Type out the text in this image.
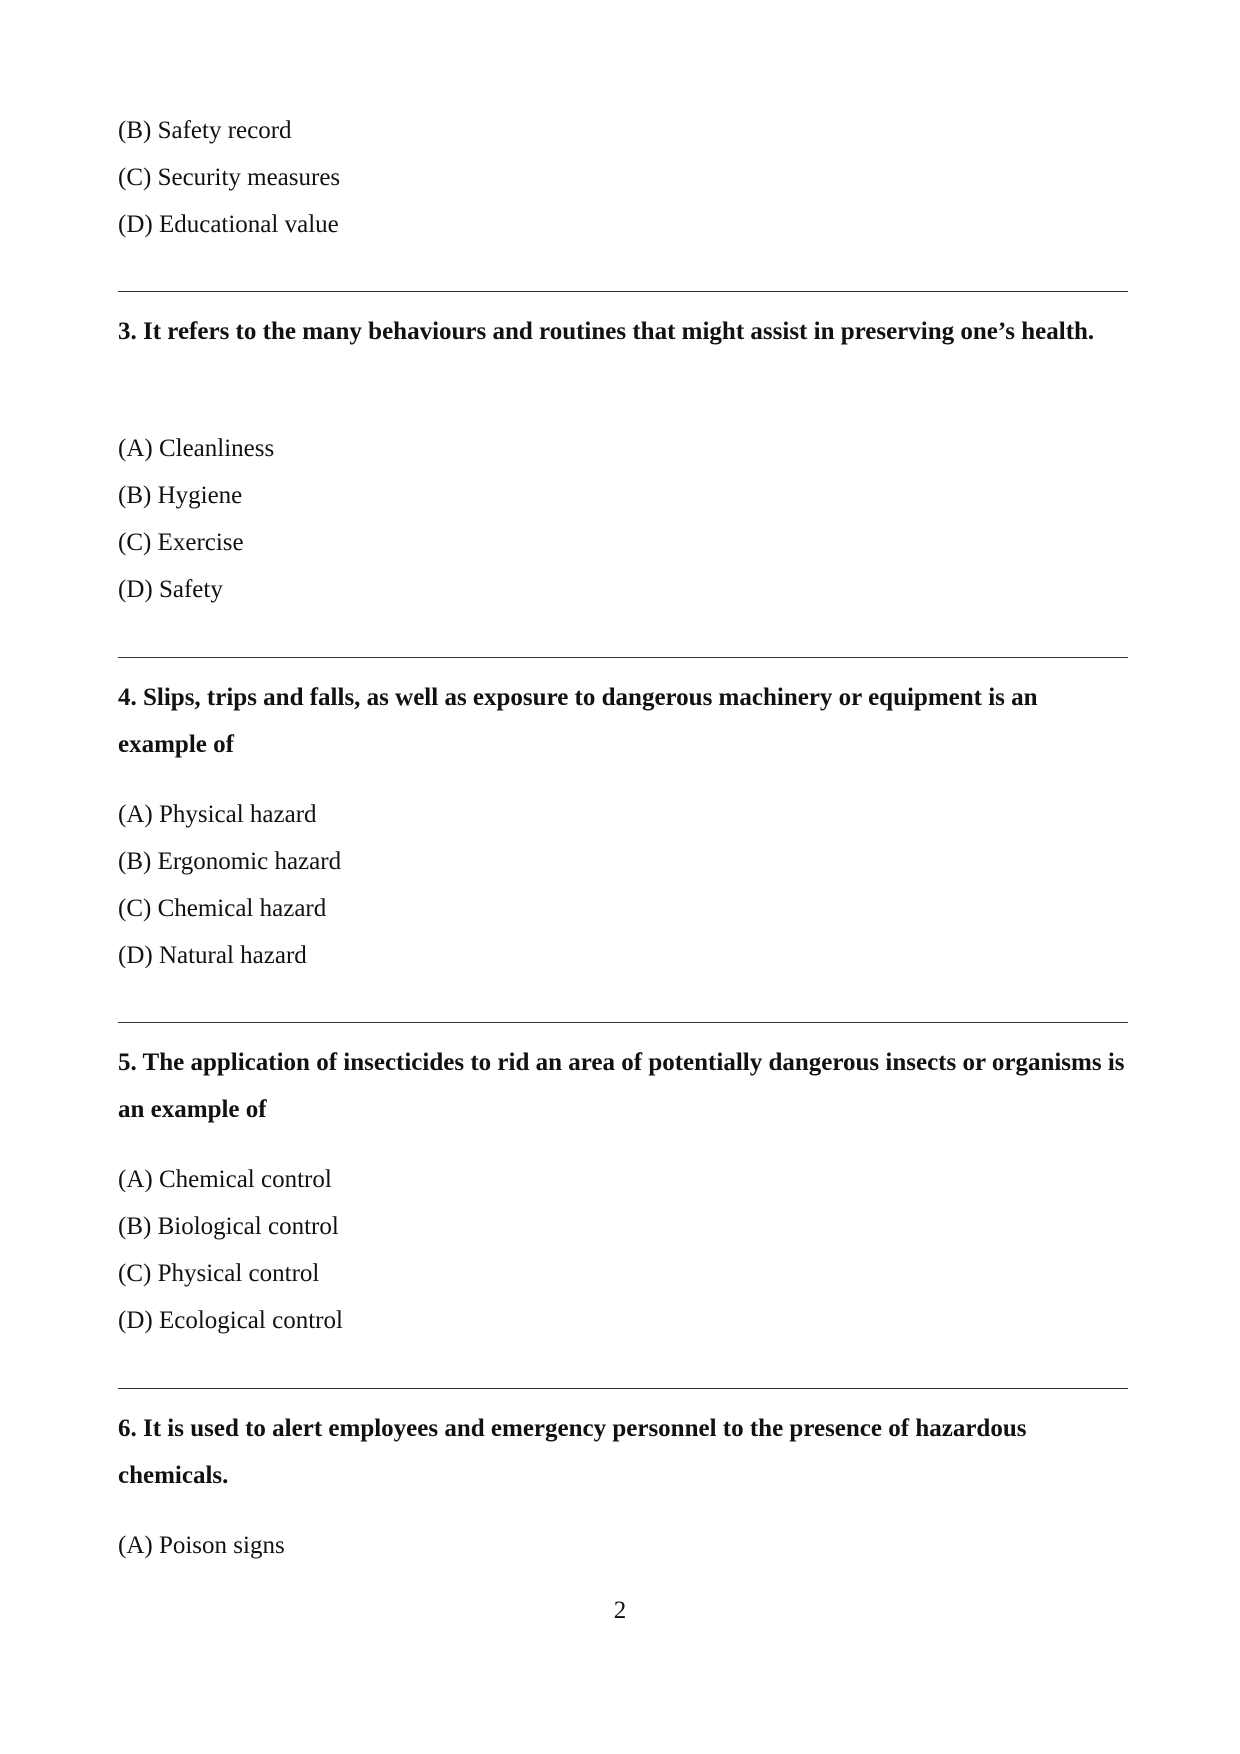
(B) Safety record
(C) Security measures
(D) Educational value
3. It refers to the many behaviours and routines that might assist in preserving one’s health.
(A) Cleanliness
(B) Hygiene
(C) Exercise
(D) Safety
4. Slips, trips and falls, as well as exposure to dangerous machinery or equipment is an example of
(A) Physical hazard
(B) Ergonomic hazard
(C) Chemical hazard
(D) Natural hazard
5. The application of insecticides to rid an area of potentially dangerous insects or organisms is an example of
(A) Chemical control
(B) Biological control
(C) Physical control
(D) Ecological control
6. It is used to alert employees and emergency personnel to the presence of hazardous chemicals.
(A) Poison signs
2
